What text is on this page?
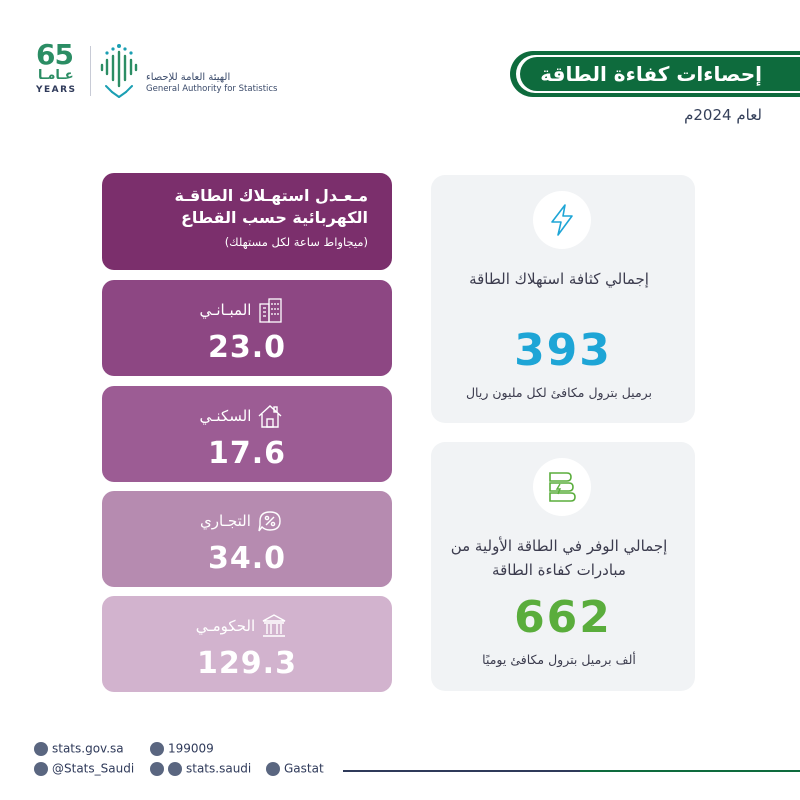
65
عـامـا
YEARS
الهيئة العامة للإحصاء
General Authority for Statistics
إحصاءات كفاءة الطاقة
لعام 2024م
مـعـدل استهـلاك الطاقـة
الكهربائية حسب القطاع
(ميجاواط ساعة لكل مستهلك)
المبـانـي
23.0
السكنـي
17.6
التجـاري
34.0
الحكومـي
129.3
إجمالي كثافة استهلاك الطاقة
393
برميل بترول مكافئ لكل مليون ريال
إجمالي الوفر في الطاقة الأولية من مبادرات كفاءة الطاقة
662
ألف برميل بترول مكافئ يوميًا
stats.gov.sa	199009
@Stats_Saudi	stats.saudi	Gastat
